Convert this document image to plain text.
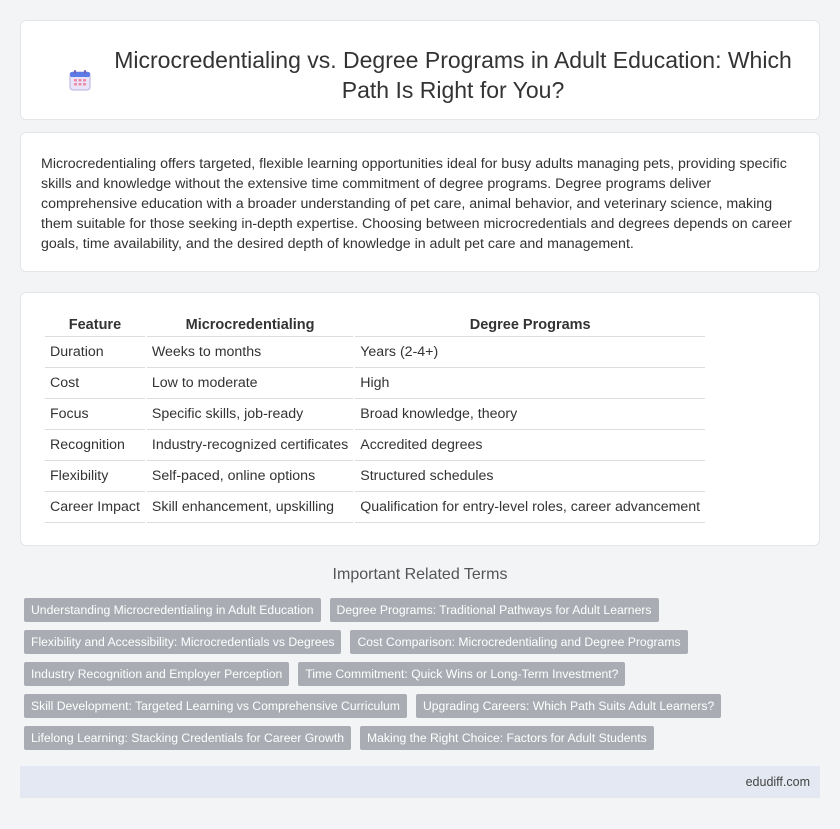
Microcredentialing vs. Degree Programs in Adult Education: Which Path Is Right for You?

Microcredentialing offers targeted, flexible learning opportunities ideal for busy adults managing pets, providing specific skills and knowledge without the extensive time commitment of degree programs. Degree programs deliver comprehensive education with a broader understanding of pet care, animal behavior, and veterinary science, making them suitable for those seeking in-depth expertise. Choosing between microcredentials and degrees depends on career goals, time availability, and the desired depth of knowledge in adult pet care and management.

Feature	Microcredentialing	Degree Programs
Duration	Weeks to months	Years (2-4+)
Cost	Low to moderate	High
Focus	Specific skills, job-ready	Broad knowledge, theory
Recognition	Industry-recognized certificates	Accredited degrees
Flexibility	Self-paced, online options	Structured schedules
Career Impact	Skill enhancement, upskilling	Qualification for entry-level roles, career advancement
Important Related Terms
Understanding Microcredentialing in Adult Education	Degree Programs: Traditional Pathways for Adult Learners
Flexibility and Accessibility: Microcredentials vs Degrees	Cost Comparison: Microcredentialing and Degree Programs
Industry Recognition and Employer Perception	Time Commitment: Quick Wins or Long-Term Investment?
Skill Development: Targeted Learning vs Comprehensive Curriculum	Upgrading Careers: Which Path Suits Adult Learners?
Lifelong Learning: Stacking Credentials for Career Growth	Making the Right Choice: Factors for Adult Students
edudiff.com
